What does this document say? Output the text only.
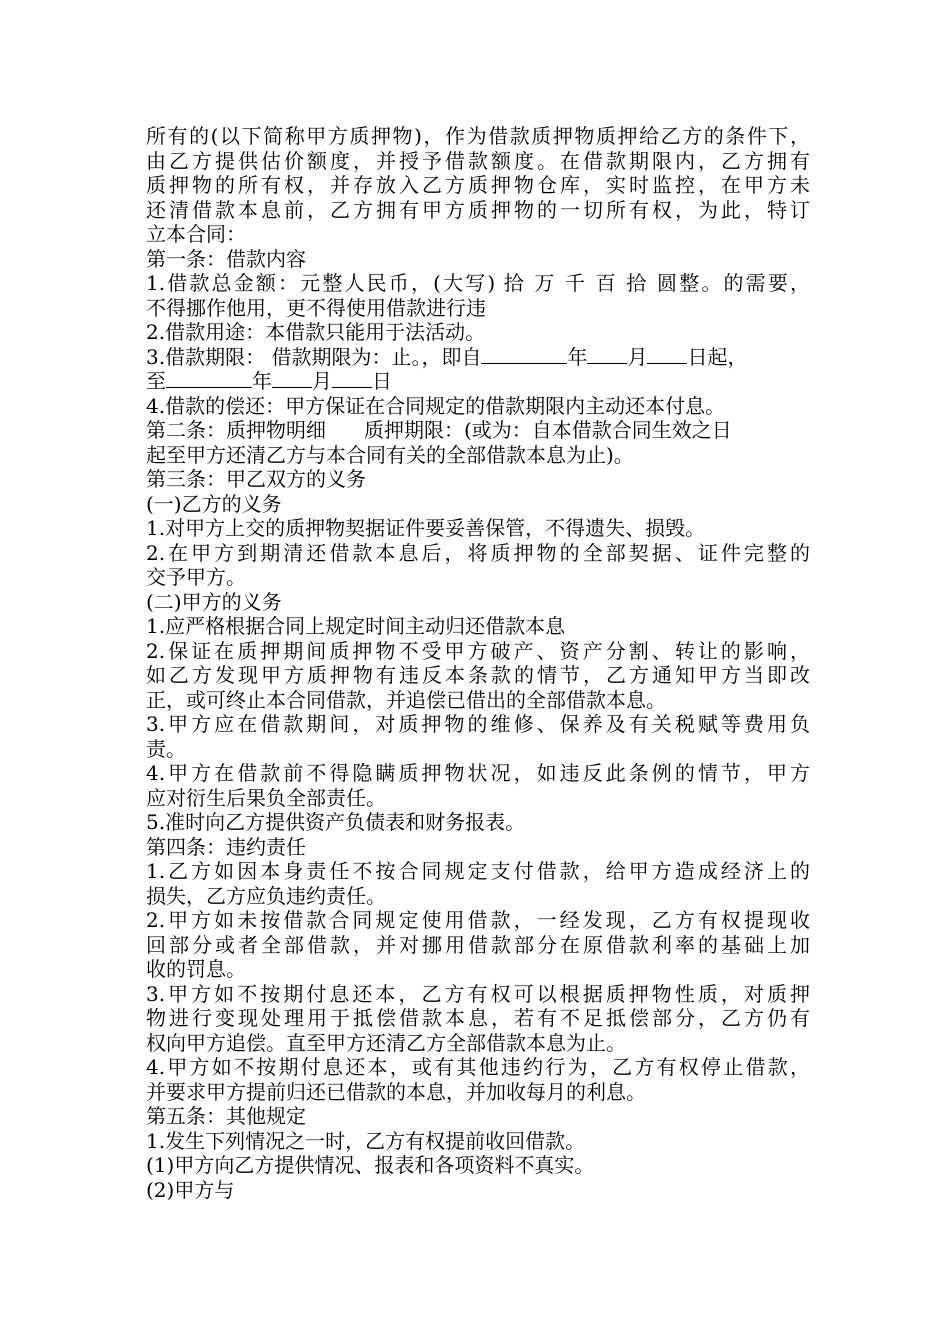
所有的(以下简称甲方质押物)，作为借款质押物质押给乙方的条件下，

由乙方提供估价额度，并授予借款额度。在借款期限内，乙方拥有

质押物的所有权，并存放入乙方质押物仓库，实时监控，在甲方未

还清借款本息前，乙方拥有甲方质押物的一切所有权，为此，特订

立本合同：

第一条：借款内容

1.借款总金额：元整人民币，(大写) 拾 万 千 百 拾 圆整。的需要，

不得挪作他用，更不得使用借款进行违

2.借款用途：本借款只能用于法活动。

3.借款期限： 借款期限为：止。，即自	年 月 日起，

至	年 月 日

4.借款的偿还：甲方保证在合同规定的借款期限内主动还本付息。

第二条：质押物明细 质押期限：(或为：自本借款合同生效之日

起至甲方还清乙方与本合同有关的全部借款本息为止)。

第三条：甲乙双方的义务

(一)乙方的义务

1.对甲方上交的质押物契据证件要妥善保管，不得遗失、损毁。

2.在甲方到期清还借款本息后，将质押物的全部契据、证件完整的

交予甲方。

(二)甲方的义务

1.应严格根据合同上规定时间主动归还借款本息

2.保证在质押期间质押物不受甲方破产、资产分割、转让的影响，

如乙方发现甲方质押物有违反本条款的情节，乙方通知甲方当即改

正，或可终止本合同借款，并追偿已借出的全部借款本息。

3.甲方应在借款期间，对质押物的维修、保养及有关税赋等费用负

责。

4.甲方在借款前不得隐瞒质押物状况，如违反此条例的情节，甲方

应对衍生后果负全部责任。

5.准时向乙方提供资产负债表和财务报表。

第四条：违约责任

1.乙方如因本身责任不按合同规定支付借款，给甲方造成经济上的

损失，乙方应负违约责任。

2.甲方如未按借款合同规定使用借款，一经发现，乙方有权提现收

回部分或者全部借款，并对挪用借款部分在原借款利率的基础上加

收的罚息。

3.甲方如不按期付息还本，乙方有权可以根据质押物性质，对质押

物进行变现处理用于抵偿借款本息，若有不足抵偿部分，乙方仍有

权向甲方追偿。直至甲方还清乙方全部借款本息为止。

4.甲方如不按期付息还本，或有其他违约行为，乙方有权停止借款，

并要求甲方提前归还已借款的本息，并加收每月的利息。

第五条：其他规定

1.发生下列情况之一时，乙方有权提前收回借款。

(1)甲方向乙方提供情况、报表和各项资料不真实。

(2)甲方与
